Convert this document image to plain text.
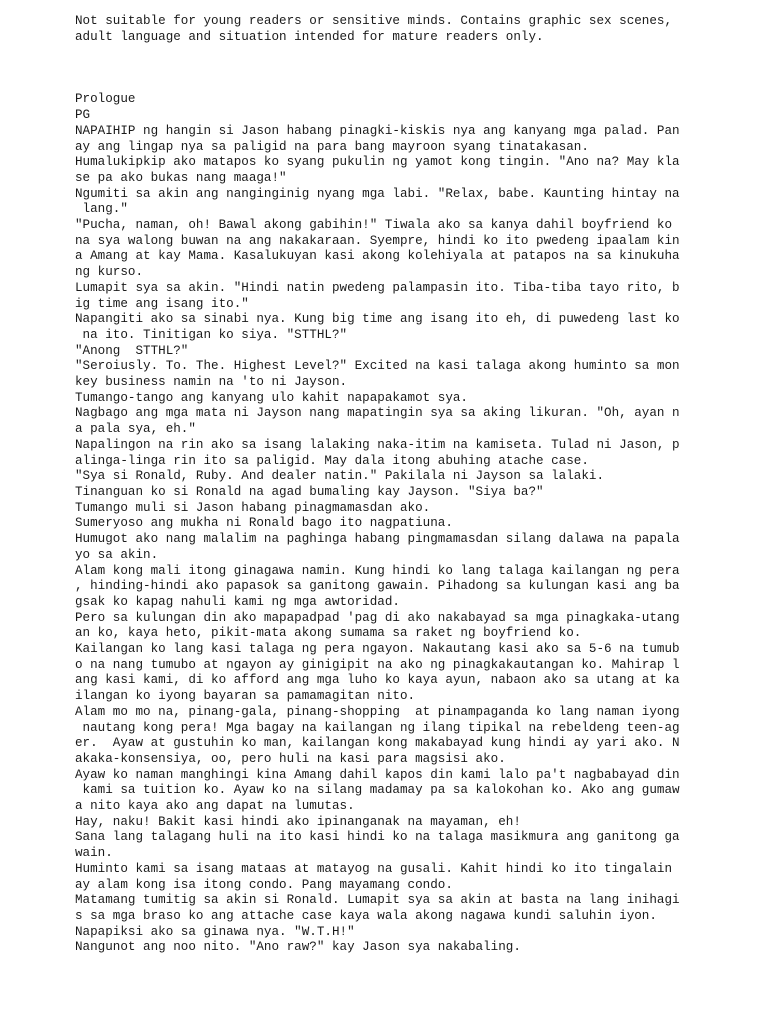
Not suitable for young readers or sensitive minds. Contains graphic sex scenes,
adult language and situation intended for mature readers only.
Prologue
PG
NAPAIHIP ng hangin si Jason habang pinagki-kiskis nya ang kanyang mga palad. Pan
ay ang lingap nya sa paligid na para bang mayroon syang tinatakasan.
Humalukipkip ako matapos ko syang pukulin ng yamot kong tingin. "Ano na? May kla
se pa ako bukas nang maaga!"
Ngumiti sa akin ang nanginginig nyang mga labi. "Relax, babe. Kaunting hintay na
lang."
"Pucha, naman, oh! Bawal akong gabihin!" Tiwala ako sa kanya dahil boyfriend ko
na sya walong buwan na ang nakakaraan. Syempre, hindi ko ito pwedeng ipaalam kin
a Amang at kay Mama. Kasalukuyan kasi akong kolehiyala at patapos na sa kinukuha
ng kurso.
Lumapit sya sa akin. "Hindi natin pwedeng palampasin ito. Tiba-tiba tayo rito, b
ig time ang isang ito."
Napangiti ako sa sinabi nya. Kung big time ang isang ito eh, di puwedeng last ko
na ito. Tinitigan ko siya. "STTHL?"
"Anong  STTHL?"
"Seroiusly. To. The. Highest Level?" Excited na kasi talaga akong huminto sa mon
key business namin na 'to ni Jayson.
Tumango-tango ang kanyang ulo kahit napapakamot sya.
Nagbago ang mga mata ni Jayson nang mapatingin sya sa aking likuran. "Oh, ayan n
a pala sya, eh."
Napalingon na rin ako sa isang lalaking naka-itim na kamiseta. Tulad ni Jason, p
alinga-linga rin ito sa paligid. May dala itong abuhing atache case.
"Sya si Ronald, Ruby. And dealer natin." Pakilala ni Jayson sa lalaki.
Tinanguan ko si Ronald na agad bumaling kay Jayson. "Siya ba?"
Tumango muli si Jason habang pinagmamasdan ako.
Sumeryoso ang mukha ni Ronald bago ito nagpatiuna.
Humugot ako nang malalim na paghinga habang pingmamasdan silang dalawa na papala
yo sa akin.
Alam kong mali itong ginagawa namin. Kung hindi ko lang talaga kailangan ng pera
, hinding-hindi ako papasok sa ganitong gawain. Pihadong sa kulungan kasi ang ba
gsak ko kapag nahuli kami ng mga awtoridad.
Pero sa kulungan din ako mapapadpad 'pag di ako nakabayad sa mga pinagkaka-utang
an ko, kaya heto, pikit-mata akong sumama sa raket ng boyfriend ko.
Kailangan ko lang kasi talaga ng pera ngayon. Nakautang kasi ako sa 5-6 na tumub
o na nang tumubo at ngayon ay ginigipit na ako ng pinagkakautangan ko. Mahirap l
ang kasi kami, di ko afford ang mga luho ko kaya ayun, nabaon ako sa utang at ka
ilangan ko iyong bayaran sa pamamagitan nito.
Alam mo mo na, pinang-gala, pinang-shopping  at pinampaganda ko lang naman iyong
nautang kong pera! Mga bagay na kailangan ng ilang tipikal na rebeldeng teen-ag
er.  Ayaw at gustuhin ko man, kailangan kong makabayad kung hindi ay yari ako. N
akaka-konsensiya, oo, pero huli na kasi para magsisi ako.
Ayaw ko naman manghingi kina Amang dahil kapos din kami lalo pa't nagbabayad din
kami sa tuition ko. Ayaw ko na silang madamay pa sa kalokohan ko. Ako ang gumaw
a nito kaya ako ang dapat na lumutas.
Hay, naku! Bakit kasi hindi ako ipinanganak na mayaman, eh!
Sana lang talagang huli na ito kasi hindi ko na talaga masikmura ang ganitong ga
wain.
Huminto kami sa isang mataas at matayog na gusali. Kahit hindi ko ito tingalain
ay alam kong isa itong condo. Pang mayamang condo.
Matamang tumitig sa akin si Ronald. Lumapit sya sa akin at basta na lang inihagi
s sa mga braso ko ang attache case kaya wala akong nagawa kundi saluhin iyon.
Napapiksi ako sa ginawa nya. "W.T.H!"
Nangunot ang noo nito. "Ano raw?" kay Jason sya nakabaling.
